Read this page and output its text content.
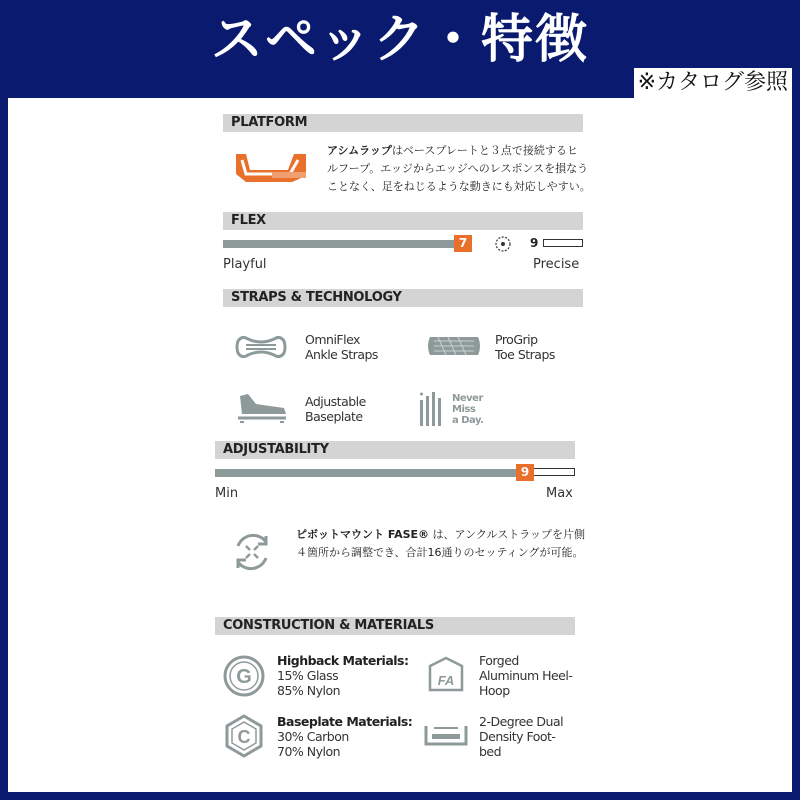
スペック・特徴
※カタログ参照
PLATFORM
アシムラップはベースプレートと３点で接続するヒ
ルフープ。エッジからエッジへのレスポンスを損なう
ことなく、足をねじるような動きにも対応しやすい。
FLEX
7	9
Playful	Precise
STRAPS & TECHNOLOGY
OmniFlex
Ankle Straps
ProGrip
Toe Straps
Adjustable
Baseplate
Never
Miss
a Day.
ADJUSTABILITY
9
Min	Max
ピボットマウント FASE® は、アンクルストラップを片側
４箇所から調整でき、合計16通りのセッティングが可能。
CONSTRUCTION & MATERIALS
G
Highback Materials:
15% Glass
85% Nylon
FA
Forged
Aluminum Heel-
Hoop
C
Baseplate Materials:
30% Carbon
70% Nylon
2-Degree Dual
Density Foot-
bed
